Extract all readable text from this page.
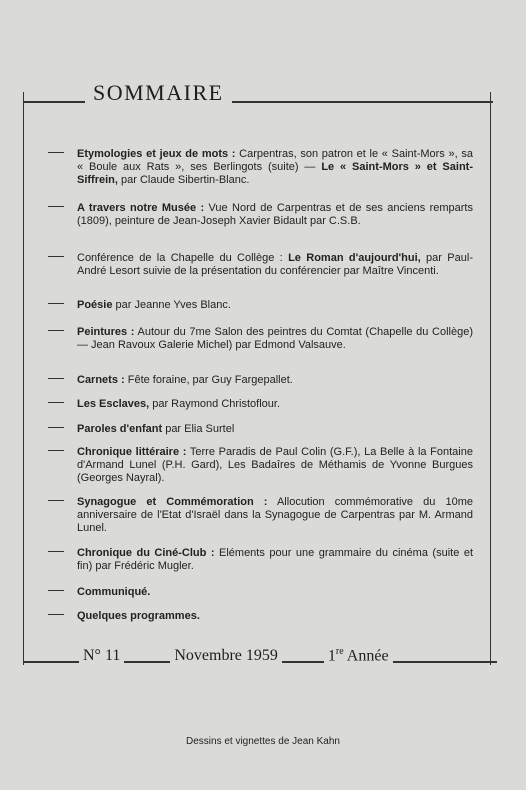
SOMMAIRE
Etymologies et jeux de mots : Carpentras, son patron et le « Saint-Mors », sa « Boule aux Rats », ses Berlingots (suite) — Le « Saint-Mors » et Saint-Siffrein, par Claude Sibertin-Blanc.
A travers notre Musée : Vue Nord de Carpentras et de ses anciens remparts (1809), peinture de Jean-Joseph Xavier Bidault par C.S.B.
Conférence de la Chapelle du Collège : Le Roman d'aujourd'hui, par Paul-André Lesort suivie de la présentation du conférencier par Maître Vincenti.
Poésie par Jeanne Yves Blanc.
Peintures : Autour du 7me Salon des peintres du Comtat (Chapelle du Collège) — Jean Ravoux Galerie Michel) par Edmond Valsauve.
Carnets : Fête foraine, par Guy Fargepallet.
Les Esclaves, par Raymond Christoflour.
Paroles d'enfant par Elia Surtel
Chronique littéraire : Terre Paradis de Paul Colin (G.F.), La Belle à la Fontaine d'Armand Lunel (P.H. Gard), Les Badaîres de Méthamis de Yvonne Burgues (Georges Nayral).
Synagogue et Commémoration : Allocution commémorative du 10me anniversaire de l'Etat d'Israël dans la Synagogue de Carpentras par M. Armand Lunel.
Chronique du Ciné-Club : Eléments pour une grammaire du cinéma (suite et fin) par Frédéric Mugler.
Communiqué.
Quelques programmes.
N° 11	Novembre 1959	1re Année
Dessins et vignettes de Jean Kahn
